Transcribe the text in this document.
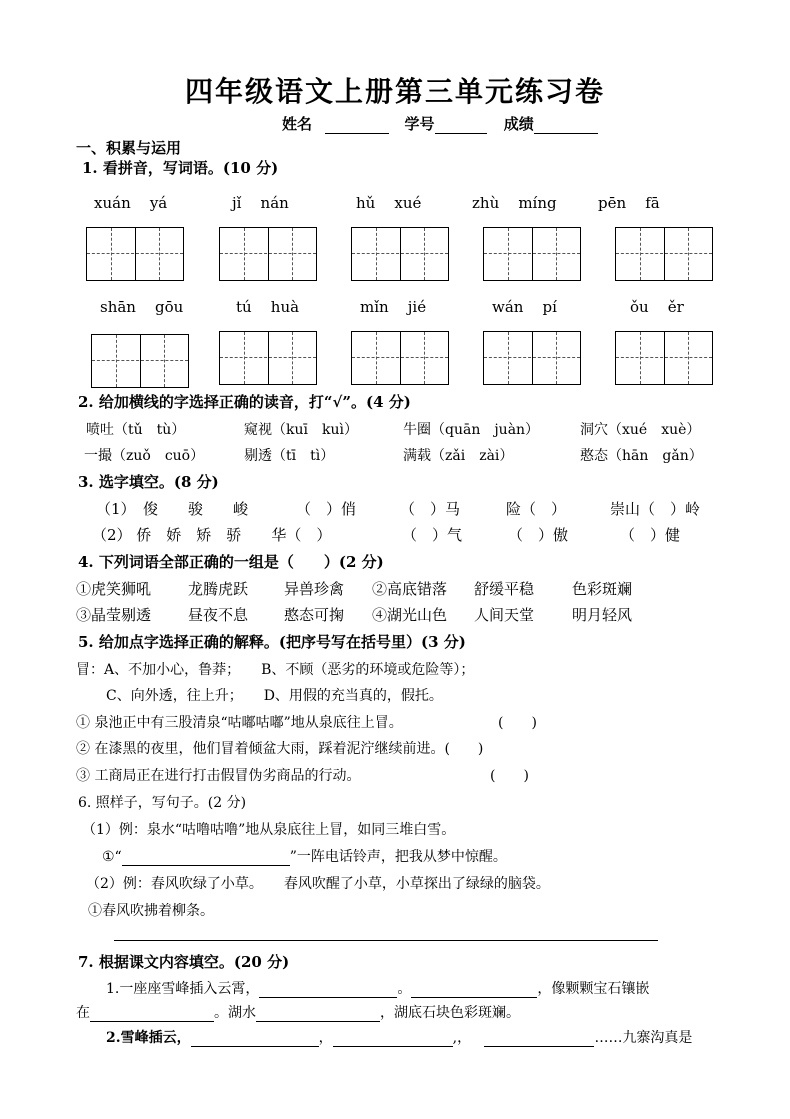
四年级语文上册第三单元练习卷
姓名	学号	成绩
一、积累与运用
1. 看拼音，写词语。(10 分)
xuán yá	jǐ nán	hǔ xué	zhù míng	pēn fā
shān gōu	tú huà	mǐn jié	wán pí	ǒu ěr
2. 给加横线的字选择正确的读音，打“√”。(4 分)
喷吐（tǔ　tù）	窥视（kuī　kuì）	牛圈（quān　juàn）	洞穴（xué　xuè）
一撮（zuǒ　cuō）	剔透（tī　tì）	满载（zǎi　zài）	憨态（hān　gǎn）
3. 选字填空。(8 分)
（1）　俊　　骏　　峻	（　）俏	（　）马	险（　）	崇山（　）岭
（2） 侨　娇　矫　骄　　华（　）	（　）气	（　）傲	（　）健
4. 下列词语全部正确的一组是（　　）(2 分)
①虎笑狮吼 龙腾虎跃 异兽珍禽 ②高底错落 舒缓平稳	色彩斑斓
③晶莹剔透 昼夜不息 憨态可掬 ④湖光山色 人间天堂	明月轻风
5. 给加点字选择正确的解释。(把序号写在括号里）(3 分)
冒：A、不加小心，鲁莽；　　B、不顾（恶劣的环境或危险等）；
C、向外透，往上升；　　D、用假的充当真的，假托。
① 泉池正中有三股清泉“咕嘟咕嘟”地从泉底往上冒。	(　　)
② 在漆黑的夜里，他们冒着倾盆大雨，踩着泥泞继续前进。(　　)
③ 工商局正在进行打击假冒伪劣商品的行动。	(　　)
6. 照样子，写句子。(2 分)
（1）例：泉水“咕噜咕噜”地从泉底往上冒，如同三堆白雪。
①“	”一阵电话铃声，把我从梦中惊醒。
（2）例：春风吹绿了小草。　　春风吹醒了小草，小草探出了绿绿的脑袋。
①春风吹拂着柳条。
7. 根据课文内容填空。(20 分)
1.一座座雪峰插入云霄，	。	，像颗颗宝石镶嵌
在	。湖水	，湖底石块色彩斑斓。
2.雪峰插云，	，	,，	……九寨沟真是
